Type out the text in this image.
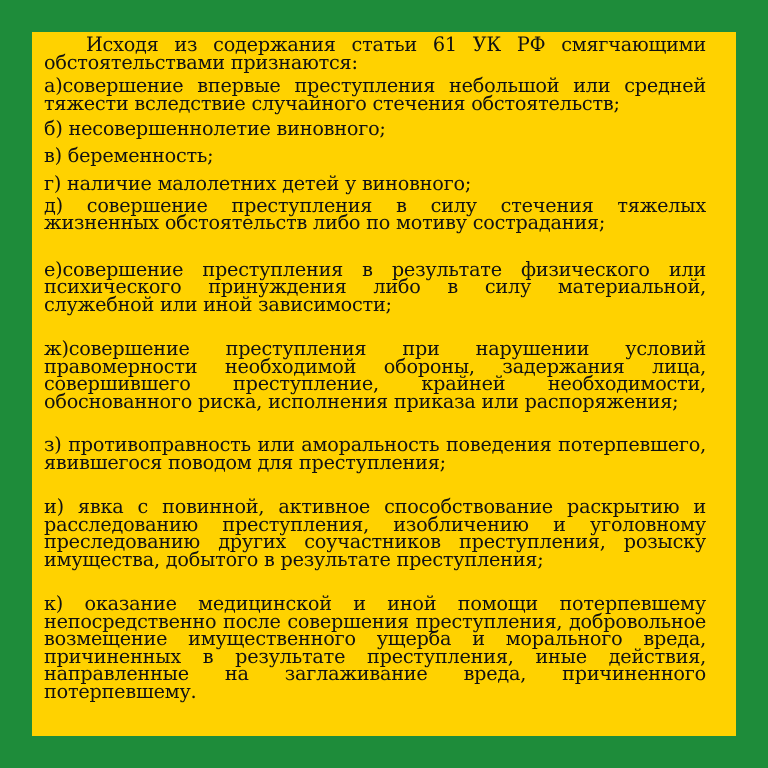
Исходя из содержания статьи 61 УК РФ смягчающими обстоятельствами признаются:

а)совершение впервые преступления небольшой или средней тяжести вследствие случайного стечения обстоятельств;

б) несовершеннолетие виновного;

в) беременность;

г) наличие малолетних детей у виновного;

д) совершение преступления в силу стечения тяжелых жизненных обстоятельств либо по мотиву сострадания;

е)совершение преступления в результате физического или психического принуждения либо в силу материальной, служебной или иной зависимости;

ж)совершение преступления при нарушении условий правомерности необходимой обороны, задержания лица, совершившего преступление, крайней необходимости, обоснованного риска, исполнения приказа или распоряжения;

з) противоправность или аморальность поведения потерпевшего, явившегося поводом для преступления;

и) явка с повинной, активное способствование раскрытию и расследованию преступления, изобличению и уголовному преследованию других соучастников преступления, розыску имущества, добытого в результате преступления;

к) оказание медицинской и иной помощи потерпевшему непосредственно после совершения преступления, добровольное возмещение имущественного ущерба и морального вреда, причиненных в результате преступления, иные действия, направленные на заглаживание вреда, причиненного потерпевшему.
